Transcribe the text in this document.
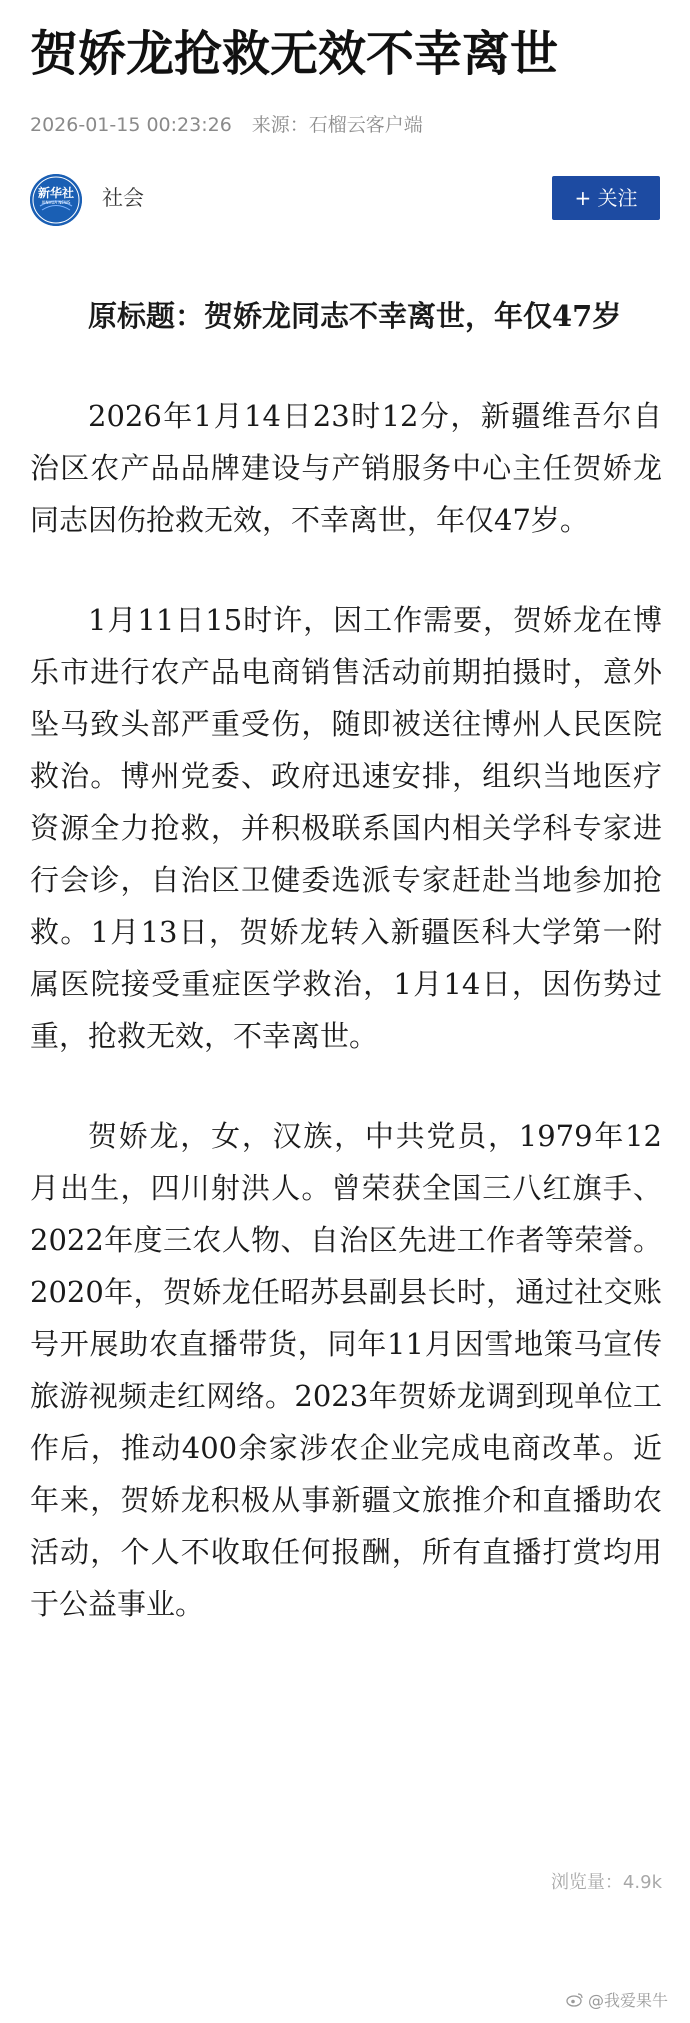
贺娇龙抢救无效不幸离世
2026-01-15 00:23:26 来源：石榴云客户端
新华社
XINHUA NEWS 社会	+ 关注

原标题：贺娇龙同志不幸离世，年仅47岁

2026年1月14日23时12分，新疆维吾尔自治区农产品品牌建设与产销服务中心主任贺娇龙同志因伤抢救无效，不幸离世，年仅47岁。

1月11日15时许，因工作需要，贺娇龙在博乐市进行农产品电商销售活动前期拍摄时，意外坠马致头部严重受伤，随即被送往博州人民医院救治。博州党委、政府迅速安排，组织当地医疗资源全力抢救，并积极联系国内相关学科专家进行会诊，自治区卫健委选派专家赶赴当地参加抢救。1月13日，贺娇龙转入新疆医科大学第一附属医院接受重症医学救治，1月14日，因伤势过重，抢救无效，不幸离世。

贺娇龙，女，汉族，中共党员，1979年12月出生，四川射洪人。曾荣获全国三八红旗手、2022年度三农人物、自治区先进工作者等荣誉。2020年，贺娇龙任昭苏县副县长时，通过社交账号开展助农直播带货，同年11月因雪地策马宣传旅游视频走红网络。2023年贺娇龙调到现单位工作后，推动400余家涉农企业完成电商改革。近年来，贺娇龙积极从事新疆文旅推介和直播助农活动，个人不收取任何报酬，所有直播打赏均用于公益事业。

浏览量：4.9k
@我爱果牛
